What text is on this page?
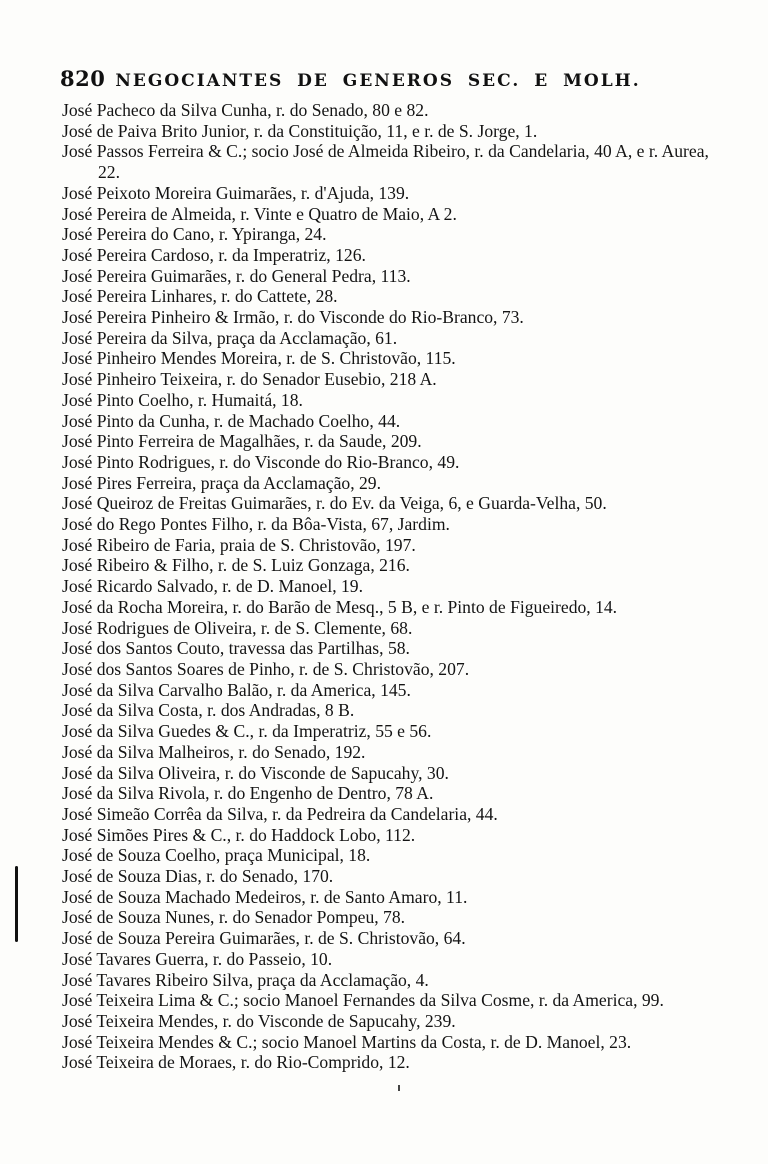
820 NEGOCIANTES DE GENEROS SEC. E MOLH.

José Pacheco da Silva Cunha, r. do Senado, 80 e 82.

José de Paiva Brito Junior, r. da Constituição, 11, e r. de S. Jorge, 1.

José Passos Ferreira & C.; socio José de Almeida Ribeiro, r. da Candelaria, 40 A, e r. Aurea, 22.

José Peixoto Moreira Guimarães, r. d'Ajuda, 139.

José Pereira de Almeida, r. Vinte e Quatro de Maio, A 2.

José Pereira do Cano, r. Ypiranga, 24.

José Pereira Cardoso, r. da Imperatriz, 126.

José Pereira Guimarães, r. do General Pedra, 113.

José Pereira Linhares, r. do Cattete, 28.

José Pereira Pinheiro & Irmão, r. do Visconde do Rio-Branco, 73.

José Pereira da Silva, praça da Acclamação, 61.

José Pinheiro Mendes Moreira, r. de S. Christovão, 115.

José Pinheiro Teixeira, r. do Senador Eusebio, 218 A.

José Pinto Coelho, r. Humaitá, 18.

José Pinto da Cunha, r. de Machado Coelho, 44.

José Pinto Ferreira de Magalhães, r. da Saude, 209.

José Pinto Rodrigues, r. do Visconde do Rio-Branco, 49.

José Pires Ferreira, praça da Acclamação, 29.

José Queiroz de Freitas Guimarães, r. do Ev. da Veiga, 6, e Guarda-Velha, 50.

José do Rego Pontes Filho, r. da Bôa-Vista, 67, Jardim.

José Ribeiro de Faria, praia de S. Christovão, 197.

José Ribeiro & Filho, r. de S. Luiz Gonzaga, 216.

José Ricardo Salvado, r. de D. Manoel, 19.

José da Rocha Moreira, r. do Barão de Mesq., 5 B, e r. Pinto de Figueiredo, 14.

José Rodrigues de Oliveira, r. de S. Clemente, 68.

José dos Santos Couto, travessa das Partilhas, 58.

José dos Santos Soares de Pinho, r. de S. Christovão, 207.

José da Silva Carvalho Balão, r. da America, 145.

José da Silva Costa, r. dos Andradas, 8 B.

José da Silva Guedes & C., r. da Imperatriz, 55 e 56.

José da Silva Malheiros, r. do Senado, 192.

José da Silva Oliveira, r. do Visconde de Sapucahy, 30.

José da Silva Rivola, r. do Engenho de Dentro, 78 A.

José Simeão Corrêa da Silva, r. da Pedreira da Candelaria, 44.

José Simões Pires & C., r. do Haddock Lobo, 112.

José de Souza Coelho, praça Municipal, 18.

José de Souza Dias, r. do Senado, 170.

José de Souza Machado Medeiros, r. de Santo Amaro, 11.

José de Souza Nunes, r. do Senador Pompeu, 78.

José de Souza Pereira Guimarães, r. de S. Christovão, 64.

José Tavares Guerra, r. do Passeio, 10.

José Tavares Ribeiro Silva, praça da Acclamação, 4.

José Teixeira Lima & C.; socio Manoel Fernandes da Silva Cosme, r. da America, 99.

José Teixeira Mendes, r. do Visconde de Sapucahy, 239.

José Teixeira Mendes & C.; socio Manoel Martins da Costa, r. de D. Manoel, 23.

José Teixeira de Moraes, r. do Rio-Comprido, 12.
